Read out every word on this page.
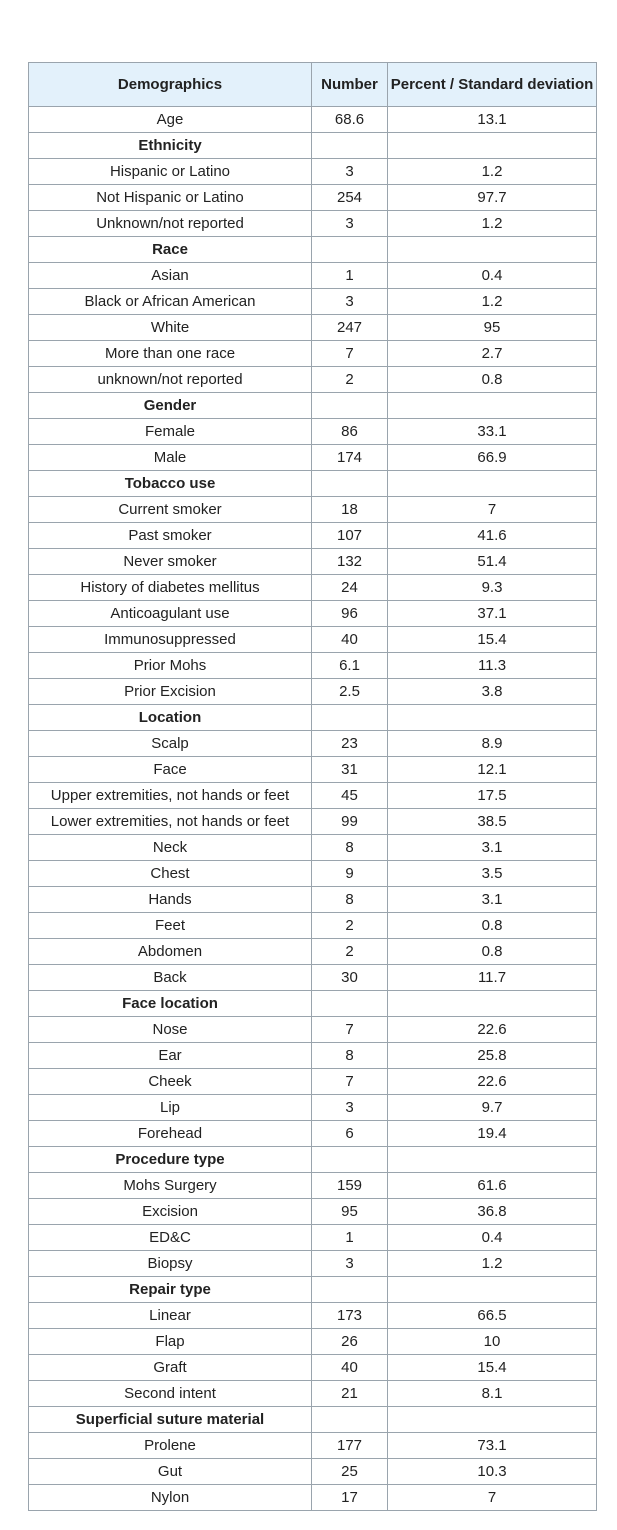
Demographics	Number	Percent / Standard deviation
Age	68.6	13.1
Ethnicity		
Hispanic or Latino	3	1.2
Not Hispanic or Latino	254	97.7
Unknown/not reported	3	1.2
Race		
Asian	1	0.4
Black or African American	3	1.2
White	247	95
More than one race	7	2.7
unknown/not reported	2	0.8
Gender		
Female	86	33.1
Male	174	66.9
Tobacco use		
Current smoker	18	7
Past smoker	107	41.6
Never smoker	132	51.4
History of diabetes mellitus	24	9.3
Anticoagulant use	96	37.1
Immunosuppressed	40	15.4
Prior Mohs	6.1	11.3
Prior Excision	2.5	3.8
Location		
Scalp	23	8.9
Face	31	12.1
Upper extremities, not hands or feet	45	17.5
Lower extremities, not hands or feet	99	38.5
Neck	8	3.1
Chest	9	3.5
Hands	8	3.1
Feet	2	0.8
Abdomen	2	0.8
Back	30	11.7
Face location		
Nose	7	22.6
Ear	8	25.8
Cheek	7	22.6
Lip	3	9.7
Forehead	6	19.4
Procedure type		
Mohs Surgery	159	61.6
Excision	95	36.8
ED&C	1	0.4
Biopsy	3	1.2
Repair type		
Linear	173	66.5
Flap	26	10
Graft	40	15.4
Second intent	21	8.1
Superficial suture material		
Prolene	177	73.1
Gut	25	10.3
Nylon	17	7
